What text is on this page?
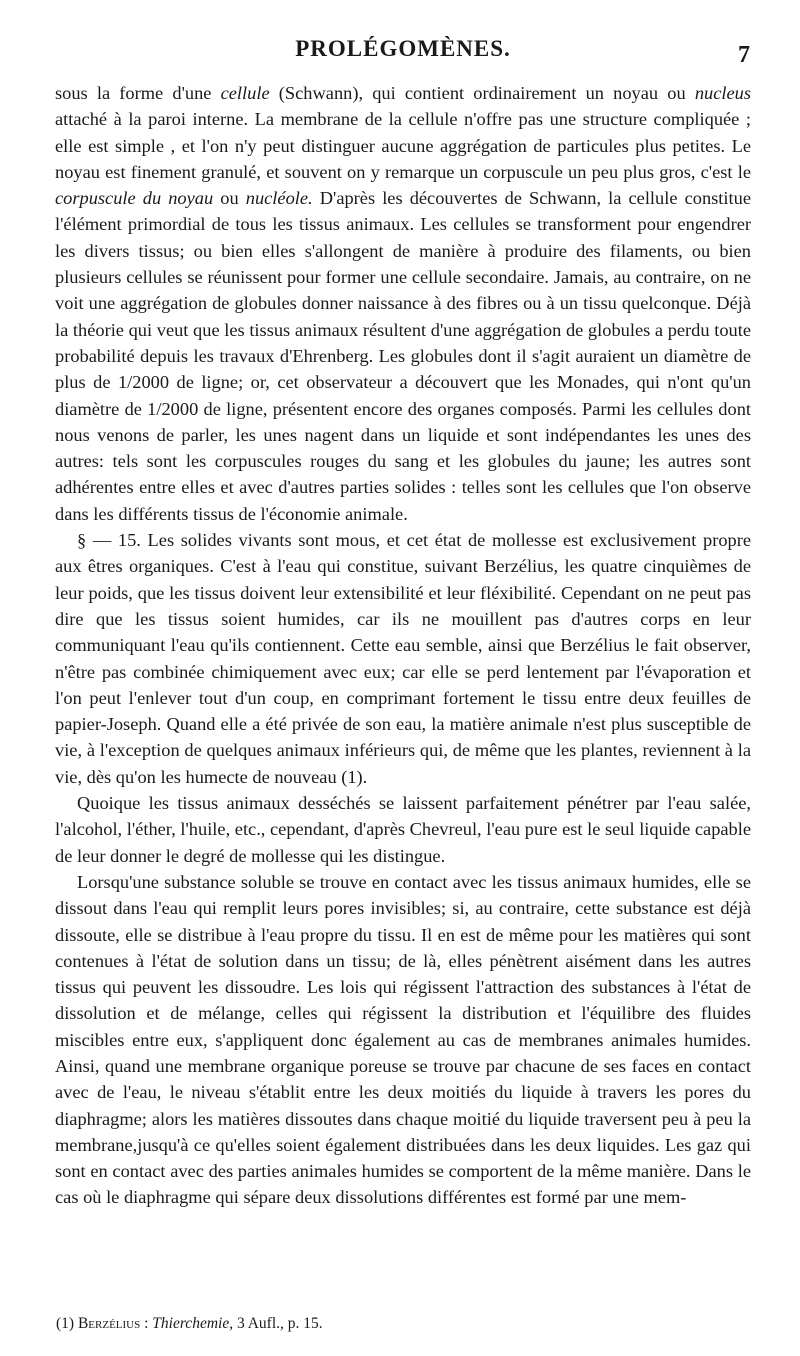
PROLÉGOMÈNES.	7

sous la forme d'une cellule (Schwann), qui contient ordinairement un noyau ou nucleus attaché à la paroi interne. La membrane de la cellule n'offre pas une structure compliquée ; elle est simple , et l'on n'y peut distinguer aucune aggrégation de particules plus petites. Le noyau est finement granulé, et souvent on y remarque un corpuscule un peu plus gros, c'est le corpuscule du noyau ou nucléole. D'après les découvertes de Schwann, la cellule constitue l'élément primordial de tous les tissus animaux. Les cellules se transforment pour engendrer les divers tissus; ou bien elles s'allongent de manière à produire des filaments, ou bien plusieurs cellules se réunissent pour former une cellule secondaire. Jamais, au contraire, on ne voit une aggrégation de globules donner naissance à des fibres ou à un tissu quelconque. Déjà la théorie qui veut que les tissus animaux résultent d'une aggrégation de globules a perdu toute probabilité depuis les travaux d'Ehrenberg. Les globules dont il s'agit auraient un diamètre de plus de 1/2000 de ligne; or, cet observateur a découvert que les Monades, qui n'ont qu'un diamètre de 1/2000 de ligne, présentent encore des organes composés. Parmi les cellules dont nous venons de parler, les unes nagent dans un liquide et sont indépendantes les unes des autres: tels sont les corpuscules rouges du sang et les globules du jaune; les autres sont adhérentes entre elles et avec d'autres parties solides : telles sont les cellules que l'on observe dans les différents tissus de l'économie animale.

§ — 15. Les solides vivants sont mous, et cet état de mollesse est exclusivement propre aux êtres organiques. C'est à l'eau qui constitue, suivant Berzélius, les quatre cinquièmes de leur poids, que les tissus doivent leur extensibilité et leur fléxibilité. Cependant on ne peut pas dire que les tissus soient humides, car ils ne mouillent pas d'autres corps en leur communiquant l'eau qu'ils contiennent. Cette eau semble, ainsi que Berzélius le fait observer, n'être pas combinée chimiquement avec eux; car elle se perd lentement par l'évaporation et l'on peut l'enlever tout d'un coup, en comprimant fortement le tissu entre deux feuilles de papier-Joseph. Quand elle a été privée de son eau, la matière animale n'est plus susceptible de vie, à l'exception de quelques animaux inférieurs qui, de même que les plantes, reviennent à la vie, dès qu'on les humecte de nouveau (1).

Quoique les tissus animaux desséchés se laissent parfaitement pénétrer par l'eau salée, l'alcohol, l'éther, l'huile, etc., cependant, d'après Chevreul, l'eau pure est le seul liquide capable de leur donner le degré de mollesse qui les distingue.

Lorsqu'une substance soluble se trouve en contact avec les tissus animaux humides, elle se dissout dans l'eau qui remplit leurs pores invisibles; si, au contraire, cette substance est déjà dissoute, elle se distribue à l'eau propre du tissu. Il en est de même pour les matières qui sont contenues à l'état de solution dans un tissu; de là, elles pénètrent aisément dans les autres tissus qui peuvent les dissoudre. Les lois qui régissent l'attraction des substances à l'état de dissolution et de mélange, celles qui régissent la distribution et l'équilibre des fluides miscibles entre eux, s'appliquent donc également au cas de membranes animales humides. Ainsi, quand une membrane organique poreuse se trouve par chacune de ses faces en contact avec de l'eau, le niveau s'établit entre les deux moitiés du liquide à travers les pores du diaphragme; alors les matières dissoutes dans chaque moitié du liquide traversent peu à peu la membrane,jusqu'à ce qu'elles soient également distribuées dans les deux liquides. Les gaz qui sont en contact avec des parties animales humides se comportent de la même manière. Dans le cas où le diaphragme qui sépare deux dissolutions différentes est formé par une mem-

(1) Berzélius : Thierchemie, 3 Aufl., p. 15.
